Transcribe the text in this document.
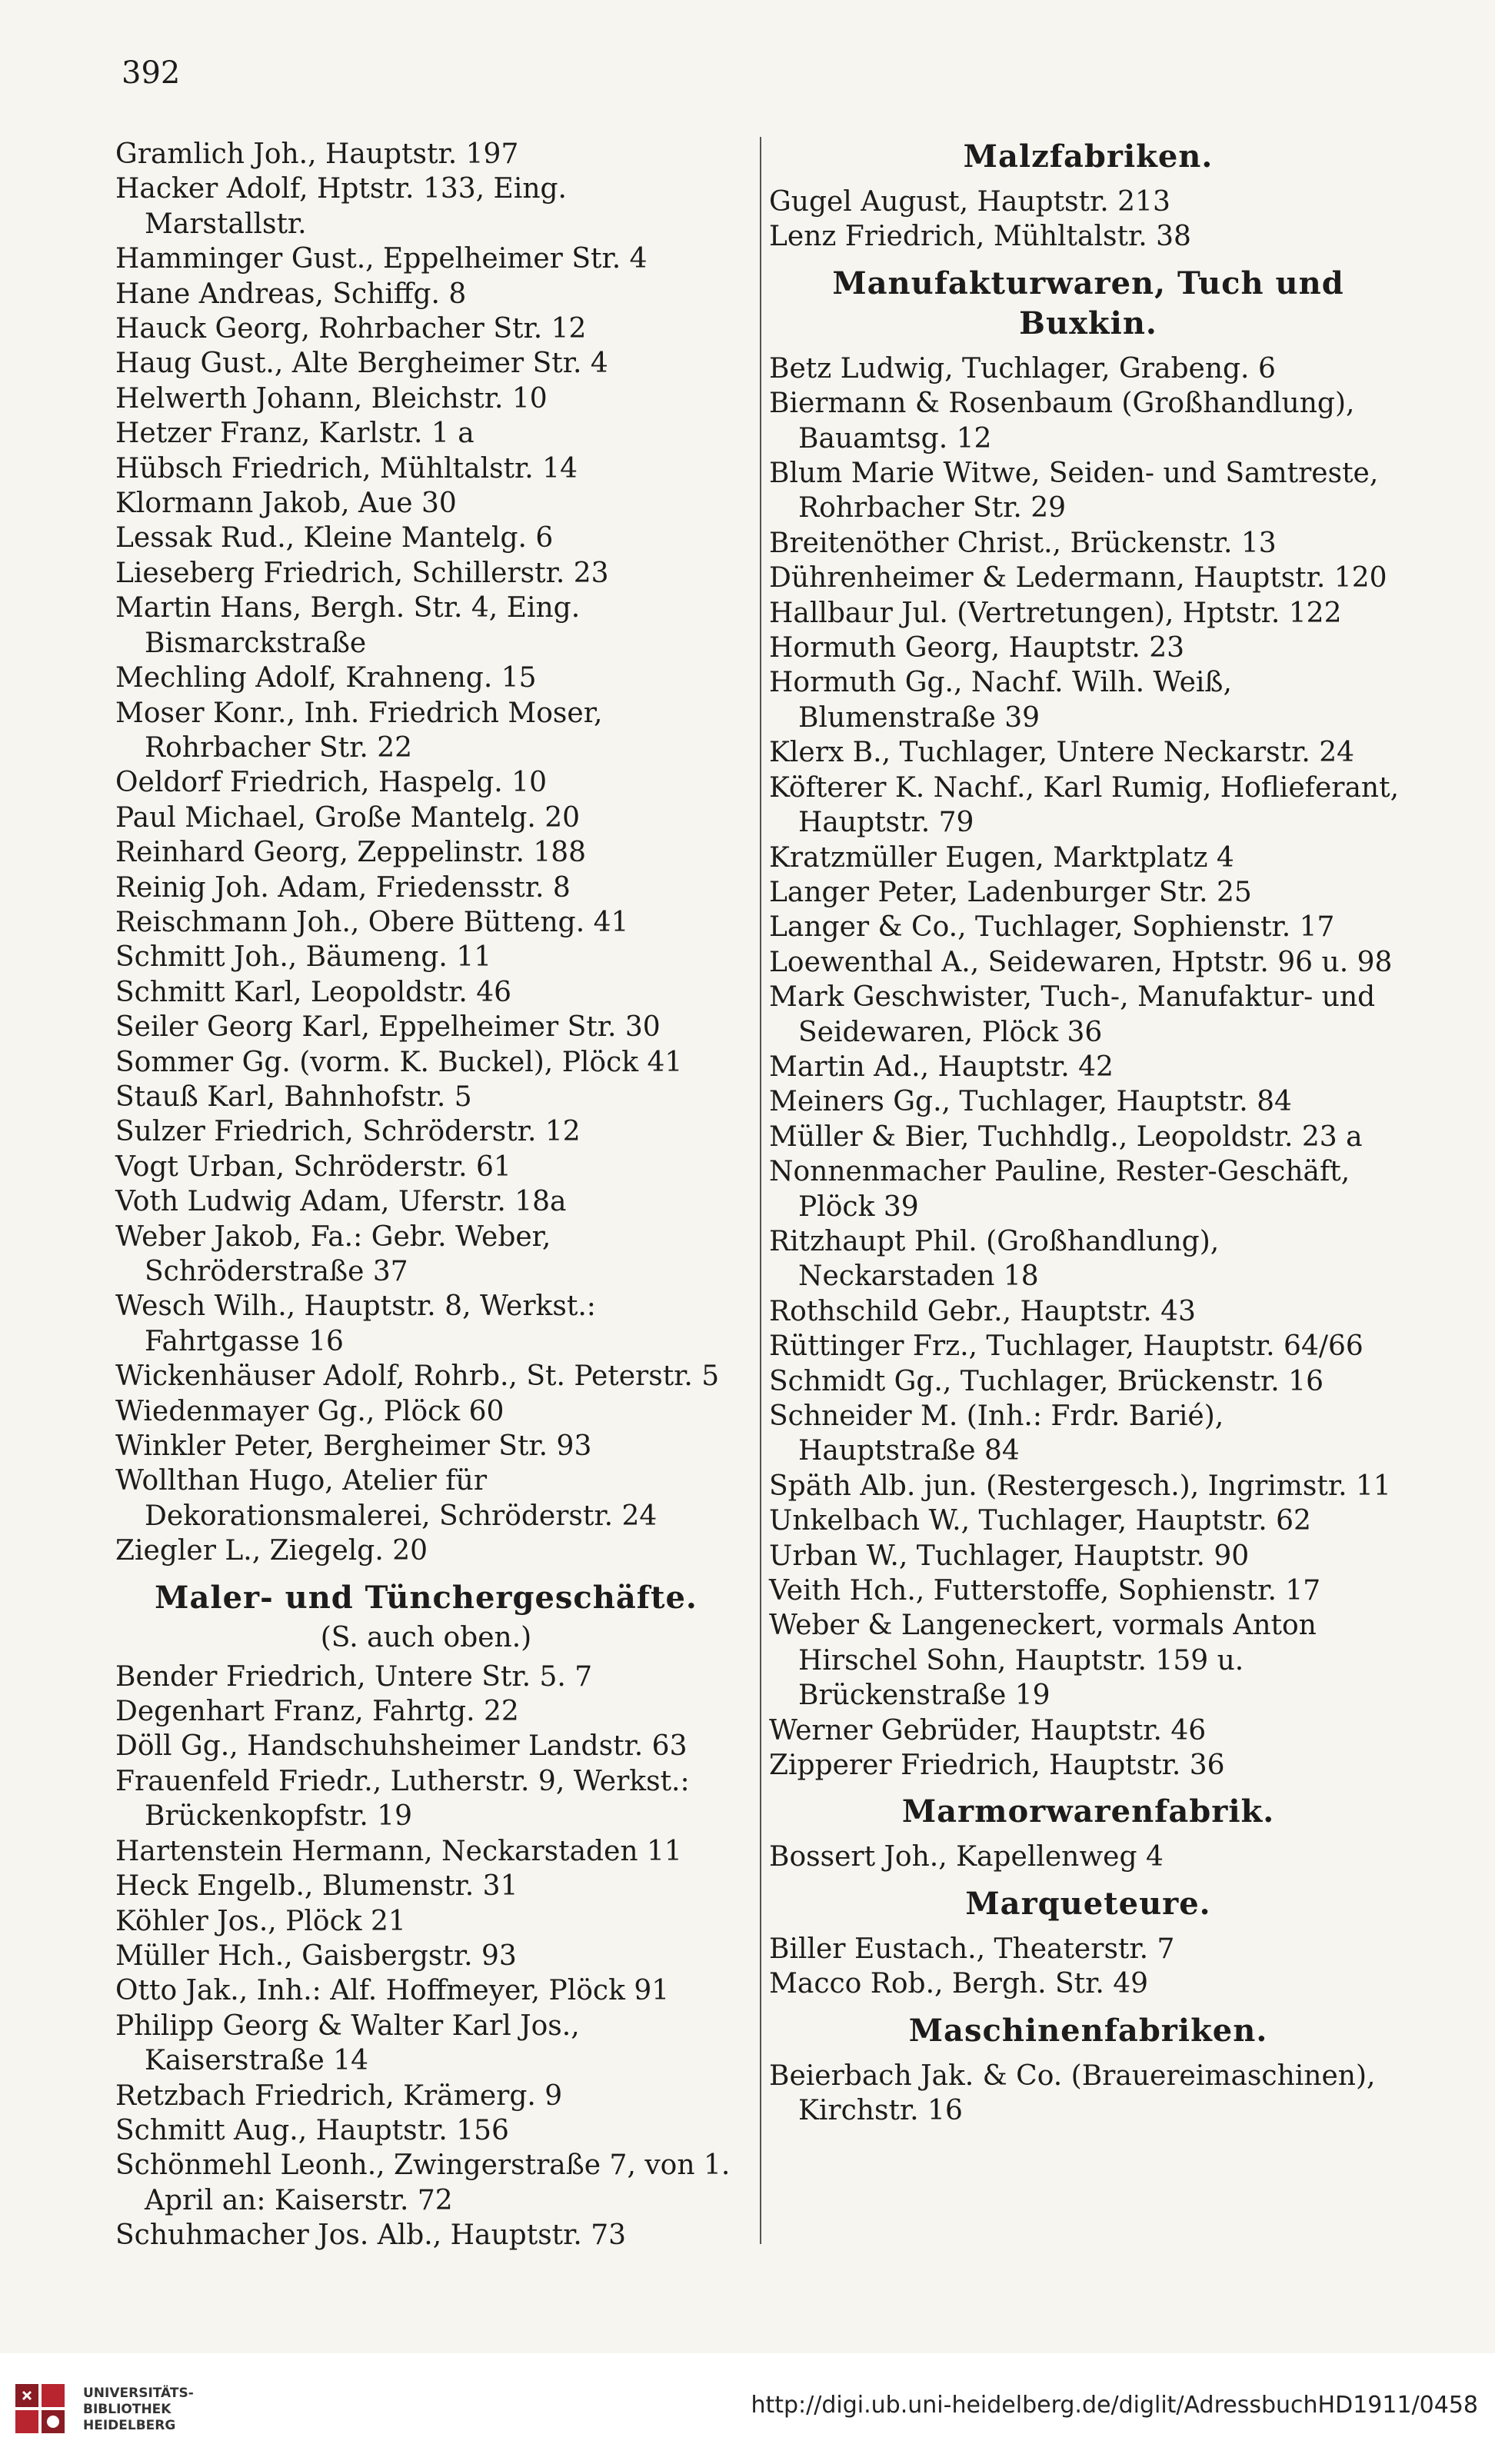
392

Gramlich Joh., Hauptstr. 197

Hacker Adolf, Hptstr. 133, Eing. Marstallstr.

Hamminger Gust., Eppelheimer Str. 4

Hane Andreas, Schiffg. 8

Hauck Georg, Rohrbacher Str. 12

Haug Gust., Alte Bergheimer Str. 4

Helwerth Johann, Bleichstr. 10

Hetzer Franz, Karlstr. 1 a

Hübsch Friedrich, Mühltalstr. 14

Klormann Jakob, Aue 30

Lessak Rud., Kleine Mantelg. 6

Lieseberg Friedrich, Schillerstr. 23

Martin Hans, Bergh. Str. 4, Eing. Bismarckstraße

Mechling Adolf, Krahneng. 15

Moser Konr., Inh. Friedrich Moser, Rohrbacher Str. 22

Oeldorf Friedrich, Haspelg. 10

Paul Michael, Große Mantelg. 20

Reinhard Georg, Zeppelinstr. 188

Reinig Joh. Adam, Friedensstr. 8

Reischmann Joh., Obere Bütteng. 41

Schmitt Joh., Bäumeng. 11

Schmitt Karl, Leopoldstr. 46

Seiler Georg Karl, Eppelheimer Str. 30

Sommer Gg. (vorm. K. Buckel), Plöck 41

Stauß Karl, Bahnhofstr. 5

Sulzer Friedrich, Schröderstr. 12

Vogt Urban, Schröderstr. 61

Voth Ludwig Adam, Uferstr. 18a

Weber Jakob, Fa.: Gebr. Weber, Schröderstraße 37

Wesch Wilh., Hauptstr. 8, Werkst.: Fahrtgasse 16

Wickenhäuser Adolf, Rohrb., St. Peterstr. 5

Wiedenmayer Gg., Plöck 60

Winkler Peter, Bergheimer Str. 93

Wollthan Hugo, Atelier für Dekorationsmalerei, Schröderstr. 24

Ziegler L., Ziegelg. 20

Maler- und Tünchergeschäfte.
(S. auch oben.)

Bender Friedrich, Untere Str. 5. 7

Degenhart Franz, Fahrtg. 22

Döll Gg., Handschuhsheimer Landstr. 63

Frauenfeld Friedr., Lutherstr. 9, Werkst.: Brückenkopfstr. 19

Hartenstein Hermann, Neckarstaden 11

Heck Engelb., Blumenstr. 31

Köhler Jos., Plöck 21

Müller Hch., Gaisbergstr. 93

Otto Jak., Inh.: Alf. Hoffmeyer, Plöck 91

Philipp Georg & Walter Karl Jos., Kaiserstraße 14

Retzbach Friedrich, Krämerg. 9

Schmitt Aug., Hauptstr. 156

Schönmehl Leonh., Zwingerstraße 7, von 1. April an: Kaiserstr. 72

Schuhmacher Jos. Alb., Hauptstr. 73

Malzfabriken.

Gugel August, Hauptstr. 213

Lenz Friedrich, Mühltalstr. 38

Manufakturwaren, Tuch und Buxkin.

Betz Ludwig, Tuchlager, Grabeng. 6

Biermann & Rosenbaum (Großhandlung), Bauamtsg. 12

Blum Marie Witwe, Seiden- und Samtreste, Rohrbacher Str. 29

Breitenöther Christ., Brückenstr. 13

Dührenheimer & Ledermann, Hauptstr. 120

Hallbaur Jul. (Vertretungen), Hptstr. 122

Hormuth Georg, Hauptstr. 23

Hormuth Gg., Nachf. Wilh. Weiß, Blumenstraße 39

Klerx B., Tuchlager, Untere Neckarstr. 24

Köfterer K. Nachf., Karl Rumig, Hoflieferant, Hauptstr. 79

Kratzmüller Eugen, Marktplatz 4

Langer Peter, Ladenburger Str. 25

Langer & Co., Tuchlager, Sophienstr. 17

Loewenthal A., Seidewaren, Hptstr. 96 u. 98

Mark Geschwister, Tuch-, Manufaktur- und Seidewaren, Plöck 36

Martin Ad., Hauptstr. 42

Meiners Gg., Tuchlager, Hauptstr. 84

Müller & Bier, Tuchhdlg., Leopoldstr. 23 a

Nonnenmacher Pauline, Rester-Geschäft, Plöck 39

Ritzhaupt Phil. (Großhandlung), Neckarstaden 18

Rothschild Gebr., Hauptstr. 43

Rüttinger Frz., Tuchlager, Hauptstr. 64/66

Schmidt Gg., Tuchlager, Brückenstr. 16

Schneider M. (Inh.: Frdr. Barié), Hauptstraße 84

Späth Alb. jun. (Restergesch.), Ingrimstr. 11

Unkelbach W., Tuchlager, Hauptstr. 62

Urban W., Tuchlager, Hauptstr. 90

Veith Hch., Futterstoffe, Sophienstr. 17

Weber & Langeneckert, vormals Anton Hirschel Sohn, Hauptstr. 159 u. Brückenstraße 19

Werner Gebrüder, Hauptstr. 46

Zipperer Friedrich, Hauptstr. 36

Marmorwarenfabrik.

Bossert Joh., Kapellenweg 4

Marqueteure.

Biller Eustach., Theaterstr. 7

Macco Rob., Bergh. Str. 49

Maschinenfabriken.

Beierbach Jak. & Co. (Brauereimaschinen), Kirchstr. 16

UNIVERSITÄTS-
BIBLIOTHEK
HEIDELBERG
http://digi.ub.uni-heidelberg.de/diglit/AdressbuchHD1911/0458
